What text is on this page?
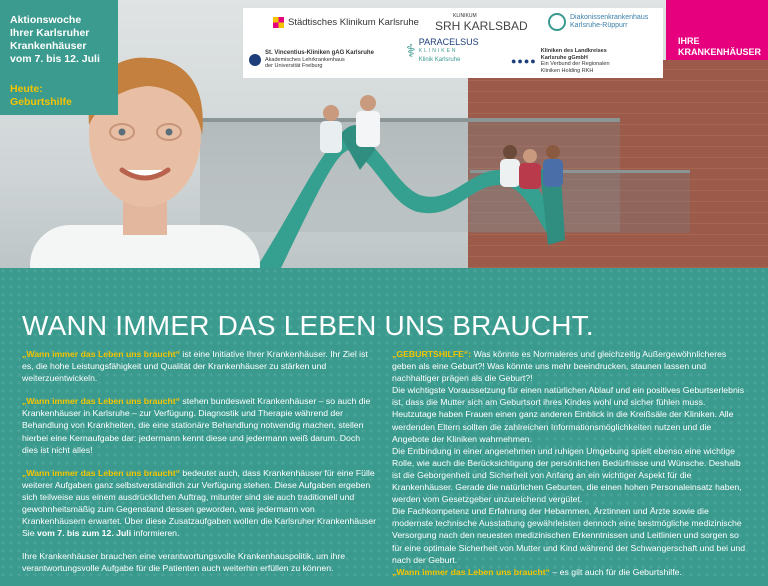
Aktionswoche
Ihrer Karlsruher
Krankenhäuser
vom 7. bis 12. Juli
Heute:
Geburtshilfe
Städtisches Klinikum Karlsruhe
KLINIKUM
SRH KARLSBAD
Diakonissenkrankenhaus
Karlsruhe-Rüppurr
St. Vincentius-Kliniken gAG Karlsruhe
Akademisches Lehrkrankenhaus
der Universität Freiburg
⚕ PARACELSUS
KLINIKEN
Klinik Karlsruhe	●●●●
Kliniken des Landkreises
Karlsruhe gGmbH
Ein Verbund der Regionalen
Kliniken Holding RKH
IHRE
KRANKENHÄUSER
WANN IMMER DAS LEBEN UNS BRAUCHT.

„Wann immer das Leben uns braucht“ ist eine Initiative Ihrer Krankenhäuser. Ihr Ziel ist es, die hohe Leistungsfähigkeit und Qualität der Krankenhäuser zu stärken und weiterzuentwickeln.

„Wann immer das Leben uns braucht“ stehen bundesweit Krankenhäuser – so auch die Krankenhäuser in Karlsruhe – zur Verfügung. Diagnostik und Therapie während der Behandlung von Krankheiten, die eine stationäre Behandlung notwendig machen, stellen hierbei eine Kernaufgabe dar: jedermann kennt diese und jedermann weiß darum. Doch dies ist nicht alles!

„Wann immer das Leben uns braucht“ bedeutet auch, dass Krankenhäuser für eine Fülle weiterer Aufgaben ganz selbstverständlich zur Verfügung stehen. Diese Aufgaben ergeben sich teilweise aus einem ausdrücklichen Auftrag, mitunter sind sie auch traditionell und gewohnheitsmäßig zum Gegenstand dessen geworden, was jedermann von Krankenhäusern erwartet. Über diese Zusatzaufgaben wollen die Karlsruher Krankenhäuser Sie vom 7. bis zum 12. Juli informieren.

Ihre Krankenhäuser brauchen eine verantwortungsvolle Krankenhauspolitik, um ihre verantwortungsvolle Aufgabe für die Patienten auch weiterhin erfüllen zu können.

„GEBURTSHILFE“: Was könnte es Normaleres und gleichzeitig Außergewöhnlicheres geben als eine Geburt?! Was könnte uns mehr beeindrucken, staunen lassen und nachhaltiger prägen als die Geburt?!
Die wichtigste Voraussetzung für einen natürlichen Ablauf und ein positives Geburtserlebnis ist, dass die Mutter sich am Geburtsort ihres Kindes wohl und sicher fühlen muss.
Heutzutage haben Frauen einen ganz anderen Einblick in die Kreißsäle der Kliniken. Alle werdenden Eltern sollten die zahlreichen Informationsmöglichkeiten nutzen und die Angebote der Kliniken wahrnehmen.
Die Entbindung in einer angenehmen und ruhigen Umgebung spielt ebenso eine wichtige Rolle, wie auch die Berücksichtigung der persönlichen Bedürfnisse und Wünsche. Deshalb ist die Geborgenheit und Sicherheit von Anfang an ein wichtiger Aspekt für die Krankenhäuser. Gerade die natürlichen Geburten, die einen hohen Personaleinsatz haben, werden vom Gesetzgeber unzureichend vergütet.
Die Fachkompetenz und Erfahrung der Hebammen, Ärztinnen und Ärzte sowie die modernste technische Ausstattung gewährleisten dennoch eine bestmögliche medizinische Versorgung nach den neuesten medizinischen Erkenntnissen und Leitlinien und sorgen so für eine optimale Sicherheit von Mutter und Kind während der Schwangerschaft und bei und nach der Geburt.
„Wann immer das Leben uns braucht“ – es gilt auch für die Geburtshilfe.
